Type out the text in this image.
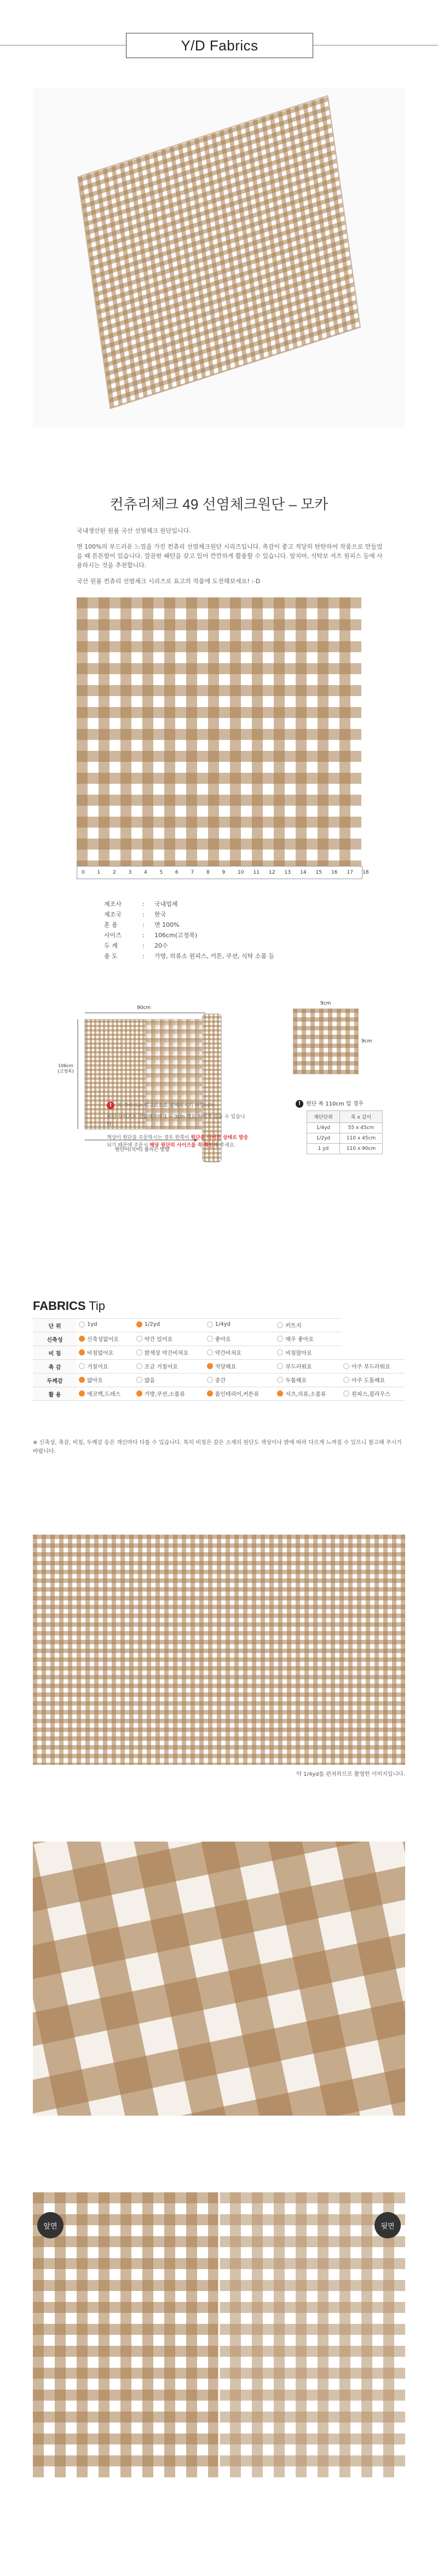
Y/D Fabrics
컨츄리체크 49 선염체크원단 – 모카

국내생산된 원룸 국산 선염체크 원단입니다.

면 100%의 부드러운 느낌을 가진 컨츄리 선염체크원단 시리즈입니다. 촉감이 좋고 적당히 탄탄하여 작품으로 만들었을 때 튼튼함이 있습니다. 깔끔한 패턴을 갖고 있어 깐깐하게 활용할 수 있습니다. 앞치마, 식탁보 셔츠 원피스 등에 사용하시는 것을 추천합니다.

국산 원룸 컨츄리 선염체크 시리즈로 표고의 작품에 도전해보세요! :-D

0	1	2	3	4	5	6	7	8	9	10 11 12 13 14 15 16 17 18
제조사	:	국내업체
제조국	:	한국
혼 용	:	면 100%
사이즈	:	106cm(고정폭)
두 께	:	20수
용 도	:	가방, 의류소 원피스, 커튼, 쿠션, 식탁 소품 등
90cm
106cm
(고정폭)
원단이(식어) 풀리는 방향
9cm
9cm
! 자 가이시는 암고르으로 잘해하시기 바랍니다.
원단 사이즈는 전달해주마 1 ~ 3cm 정도 차이가 있을 수 있습니다.
책상이 원단을 주문하시는 경우 한쪽이 원단을 이어진 상태로 발송되기 때문에 주문시 해당 원단의 사이즈를 꼭 확인해 주세요.
! 원단 폭 110cm 일 경우
재단단위	폭 x 길이
1/4yd	55 x 45cm
1/2yd	110 x 45cm
1 yd	110 x 90cm
FABRICS Tip
단 위	1yd	1/2yd	1/4yd	커트지	

신축성	신축성없어요	약간 있어요	좋아요	매우 좋아요	

비 침	비침없어요	밝색상 약간비쳐요	약간비쳐요	비침많아요	

촉 감	거칠어요	조금 거칠어요	적당해요	부드러워요	아주 부드러워요

두께감	얇아요	얇음	중간	두툼해요	아주 도톰해요

활 용	에코백,드레스	가방,쿠션,소품류	룸인테리어,커튼류	셔츠,의류,소품류	원피스,블라우스
※ 신축성, 촉감, 비침, 두께감 등은 개인마다 다를 수 있습니다. 특히 비침은 같은 소재의 원단도 색상이나 밝에 따라 다르게 느껴질 수 있으니 참고해 주시기 바랍니다.
약 1/4yd를 펀쳐하므로 촬영한 이미지입니다.
앞면	뒷면
